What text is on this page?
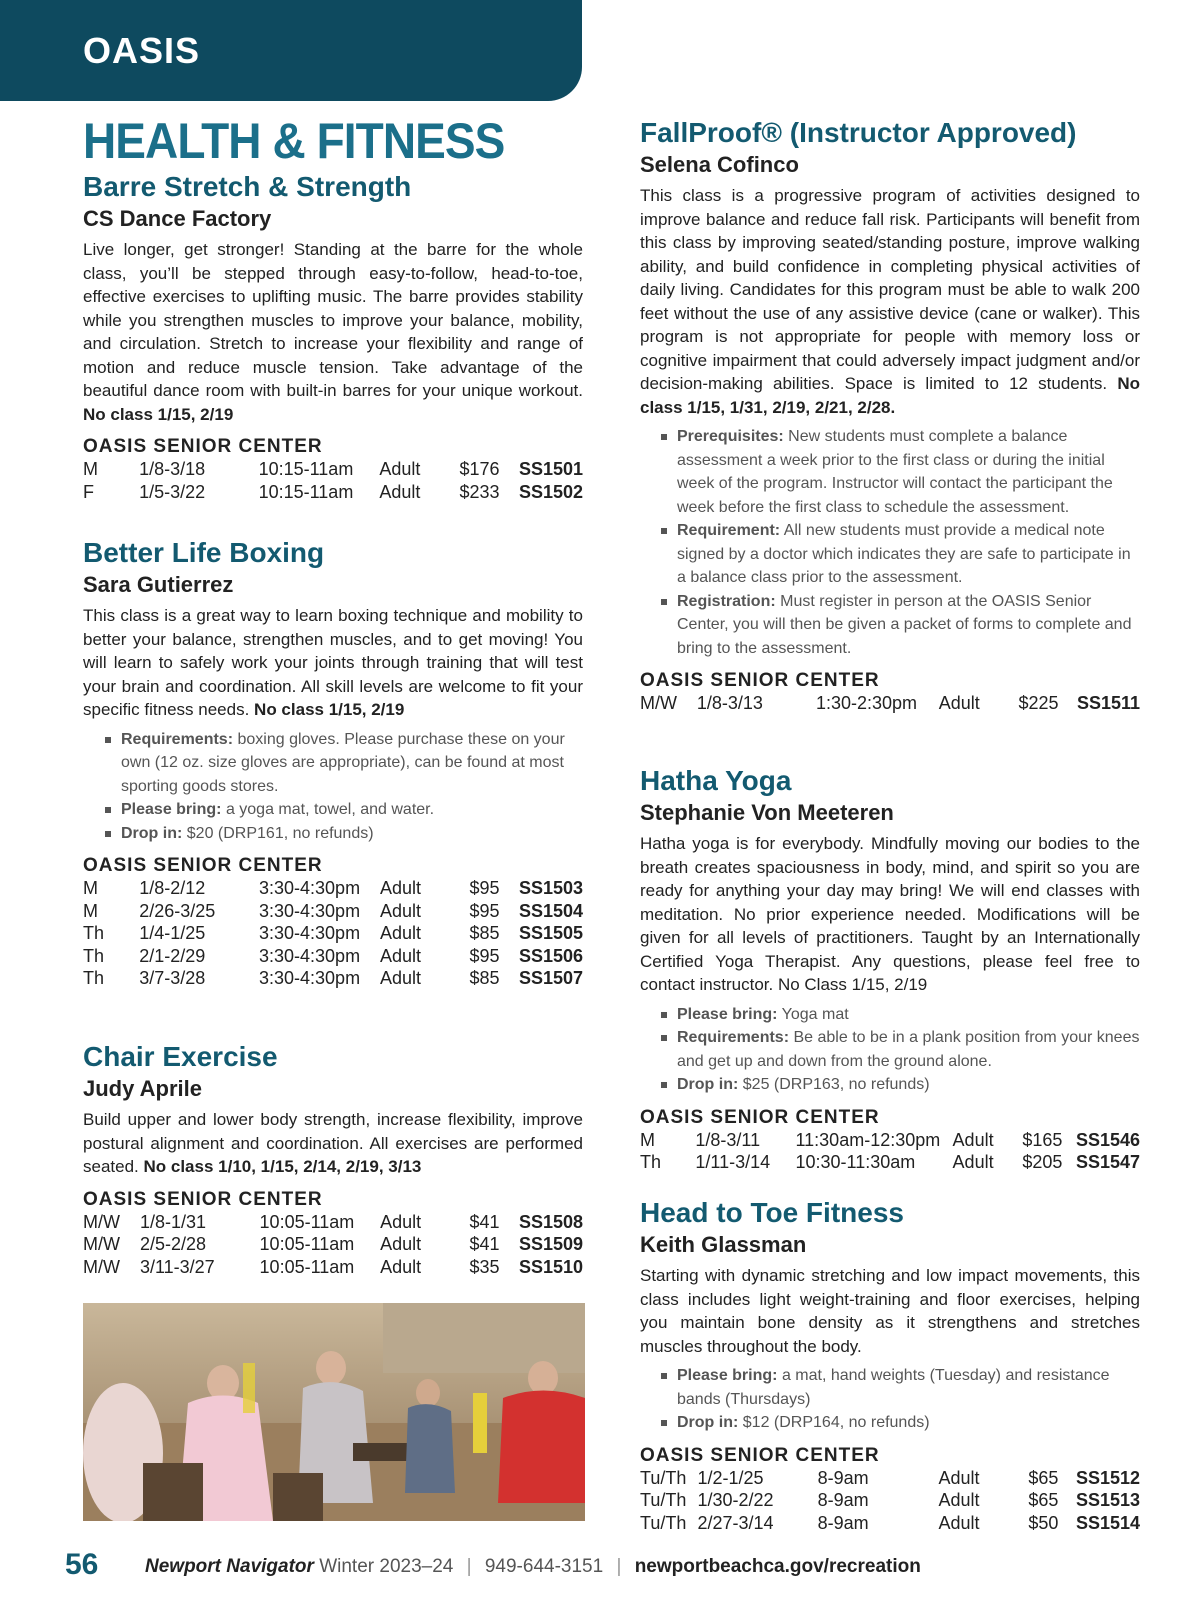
OASIS
HEALTH & FITNESS
Barre Stretch & Strength
CS Dance Factory

Live longer, get stronger! Standing at the barre for the whole class, you’ll be stepped through easy-to-follow, head-to-toe, effective exercises to uplifting music. The barre provides stability while you strengthen muscles to improve your balance, mobility, and circulation. Stretch to increase your flexibility and range of motion and reduce muscle tension. Take advantage of the beautiful dance room with built-in barres for your unique workout. No class 1/15, 2/19

OASIS SENIOR CENTER
M	1/8-3/18	10:15-11am	Adult	$176	SS1501
F	1/5-3/22	10:15-11am	Adult	$233	SS1502
Better Life Boxing
Sara Gutierrez

This class is a great way to learn boxing technique and mobility to better your balance, strengthen muscles, and to get moving! You will learn to safely work your joints through training that will test your brain and coordination. All skill levels are welcome to fit your specific fitness needs. No class 1/15, 2/19

Requirements: boxing gloves. Please purchase these on your own (12 oz. size gloves are appropriate), can be found at most sporting goods stores.
Please bring: a yoga mat, towel, and water.
Drop in: $20 (DRP161, no refunds)
OASIS SENIOR CENTER
M	1/8-2/12	3:30-4:30pm	Adult	$95	SS1503
M	2/26-3/25	3:30-4:30pm	Adult	$95	SS1504
Th	1/4-1/25	3:30-4:30pm	Adult	$85	SS1505
Th	2/1-2/29	3:30-4:30pm	Adult	$95	SS1506
Th	3/7-3/28	3:30-4:30pm	Adult	$85	SS1507
Chair Exercise
Judy Aprile

Build upper and lower body strength, increase flexibility, improve postural alignment and coordination. All exercises are performed seated. No class 1/10, 1/15, 2/14, 2/19, 3/13

OASIS SENIOR CENTER
M/W	1/8-1/31	10:05-11am	Adult	$41	SS1508
M/W	2/5-2/28	10:05-11am	Adult	$41	SS1509
M/W	3/11-3/27	10:05-11am	Adult	$35	SS1510
FallProof® (Instructor Approved)
Selena Cofinco

This class is a progressive program of activities designed to improve balance and reduce fall risk. Participants will benefit from this class by improving seated/standing posture, improve walking ability, and build confidence in completing physical activities of daily living. Candidates for this program must be able to walk 200 feet without the use of any assistive device (cane or walker). This program is not appropriate for people with memory loss or cognitive impairment that could adversely impact judgment and/or decision-making abilities. Space is limited to 12 students. No class 1/15, 1/31, 2/19, 2/21, 2/28.

Prerequisites: New students must complete a balance assessment a week prior to the first class or during the initial week of the program. Instructor will contact the participant the week before the first class to schedule the assessment.
Requirement: All new students must provide a medical note signed by a doctor which indicates they are safe to participate in a balance class prior to the assessment.
Registration: Must register in person at the OASIS Senior Center, you will then be given a packet of forms to complete and bring to the assessment.
OASIS SENIOR CENTER
M/W	1/8-3/13	1:30-2:30pm	Adult	$225	SS1511
Hatha Yoga
Stephanie Von Meeteren

Hatha yoga is for everybody. Mindfully moving our bodies to the breath creates spaciousness in body, mind, and spirit so you are ready for anything your day may bring! We will end classes with meditation. No prior experience needed. Modifications will be given for all levels of practitioners. Taught by an Internationally Certified Yoga Therapist. Any questions, please feel free to contact instructor. No Class 1/15, 2/19

Please bring: Yoga mat
Requirements: Be able to be in a plank position from your knees and get up and down from the ground alone.
Drop in: $25 (DRP163, no refunds)
OASIS SENIOR CENTER
M	1/8-3/11	11:30am-12:30pm	Adult	$165	SS1546
Th	1/11-3/14	10:30-11:30am	Adult	$205	SS1547
Head to Toe Fitness
Keith Glassman

Starting with dynamic stretching and low impact movements, this class includes light weight-training and floor exercises, helping you maintain bone density as it strengthens and stretches muscles throughout the body.

Please bring: a mat, hand weights (Tuesday) and resistance bands (Thursdays)
Drop in: $12 (DRP164, no refunds)
OASIS SENIOR CENTER
Tu/Th	1/2-1/25	8-9am	Adult	$65	SS1512
Tu/Th	1/30-2/22	8-9am	Adult	$65	SS1513
Tu/Th	2/27-3/14	8-9am	Adult	$50	SS1514
56 Newport Navigator Winter 2023–24 | 949-644-3151 | newportbeachca.gov/recreation
